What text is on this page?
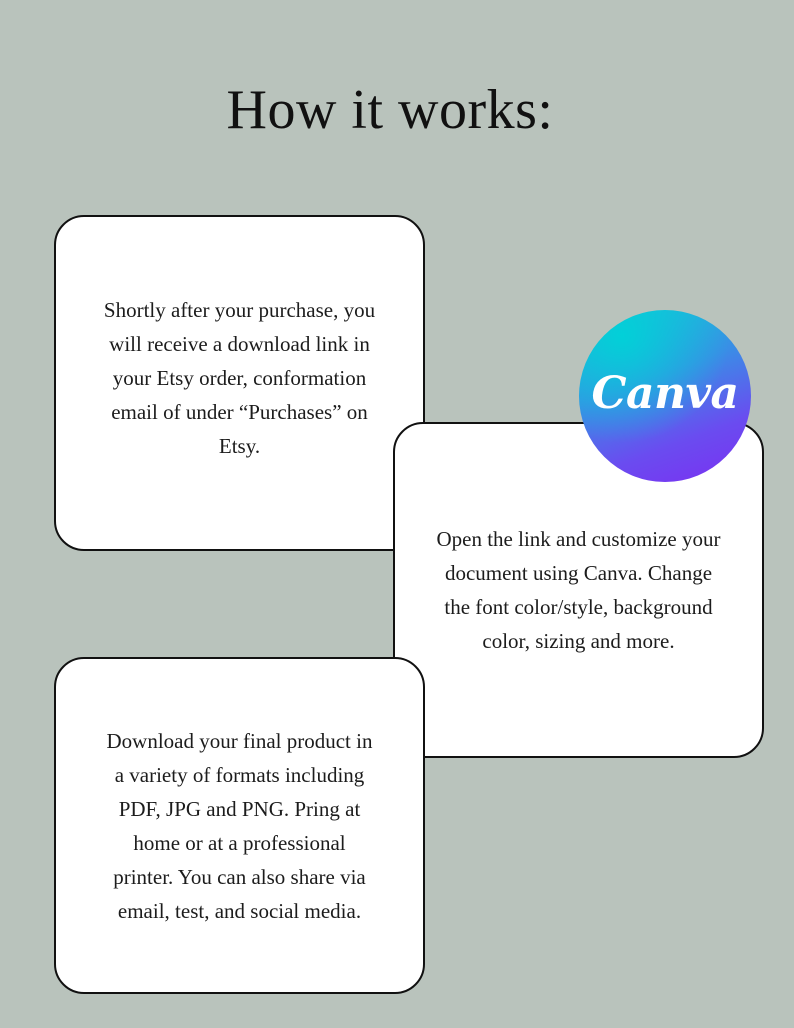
How it works:

Shortly after your purchase, you will receive a download link in your Etsy order, conformation email of under “Purchases” on Etsy.

Open the link and customize your document using Canva. Change the font color/style, background color, sizing and more.

Download your final product in a variety of formats including PDF, JPG and PNG. Pring at home or at a professional printer. You can also share via email, test, and social media.

Canva
